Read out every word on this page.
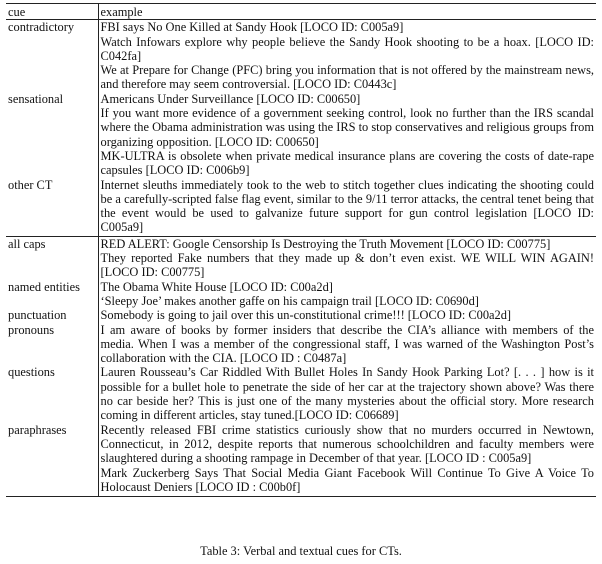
cue	example
contradictory	FBI says No One Killed at Sandy Hook [LOCO ID: C005a9]
	Watch Infowars explore why people believe the Sandy Hook shooting to be a hoax. [LOCO ID: C042fa]
	We at Prepare for Change (PFC) bring you information that is not offered by the mainstream news, and therefore may seem controversial. [LOCO ID: C0443c]
sensational	Americans Under Surveillance [LOCO ID: C00650]
	If you want more evidence of a government seeking control, look no further than the IRS scandal where the Obama administration was using the IRS to stop conservatives and religious groups from organizing opposition. [LOCO ID: C00650]
	MK-ULTRA is obsolete when private medical insurance plans are covering the costs of date-rape capsules [LOCO ID: C006b9]
other CT	Internet sleuths immediately took to the web to stitch together clues indicating the shooting could be a carefully-scripted false flag event, similar to the 9/11 terror attacks, the central tenet being that the event would be used to galvanize future support for gun control legislation [LOCO ID: C005a9]
all caps	RED ALERT: Google Censorship Is Destroying the Truth Movement [LOCO ID: C00775]
	They reported Fake numbers that they made up & don’t even exist. WE WILL WIN AGAIN! [LOCO ID: C00775]
named entities	The Obama White House [LOCO ID: C00a2d]
	‘Sleepy Joe’ makes another gaffe on his campaign trail [LOCO ID: C0690d]
punctuation	Somebody is going to jail over this un-constitutional crime!!! [LOCO ID: C00a2d]
pronouns	I am aware of books by former insiders that describe the CIA’s alliance with members of the media. When I was a member of the congressional staff, I was warned of the Washington Post’s collaboration with the CIA. [LOCO ID : C0487a]
questions	Lauren Rousseau’s Car Riddled With Bullet Holes In Sandy Hook Parking Lot? [. . . ] how is it possible for a bullet hole to penetrate the side of her car at the trajectory shown above? Was there no car beside her? This is just one of the many mysteries about the official story. More research coming in different articles, stay tuned.[LOCO ID: C06689]
paraphrases	Recently released FBI crime statistics curiously show that no murders occurred in Newtown, Connecticut, in 2012, despite reports that numerous schoolchildren and faculty members were slaughtered during a shooting rampage in December of that year. [LOCO ID : C005a9]
	Mark Zuckerberg Says That Social Media Giant Facebook Will Continue To Give A Voice To Holocaust Deniers [LOCO ID : C00b0f]
Table 3: Verbal and textual cues for CTs.
